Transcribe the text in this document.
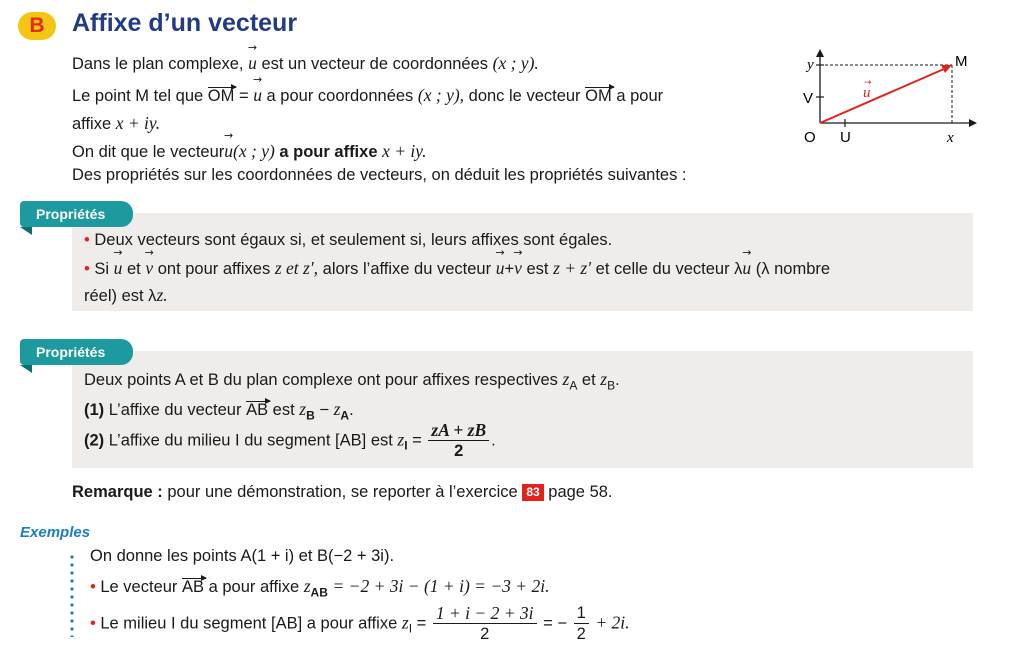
B	Affixe d’un vecteur
Dans le plan complexe, → u est un vecteur de coordonnées (x ; y).
Le point M tel que OM = → u a pour coordonnées (x ; y), donc le vecteur OM a pour
affixe x + iy.
On dit que le vecteur→ u(x ; y) a pour affixe x + iy.
Des propriétés sur les coordonnées de vecteurs, on déduit les propriétés suivantes :
y
V
M
u
→
O U	x
Propriétés
• Deux vecteurs sont égaux si, et seulement si, leurs affixes sont égales.
• Si → u et → v ont pour affixes z et z′, alors l’affixe du vecteur → u+→ v est z + z′ et celle du vecteur λ→ u (λ nombre
réel) est λz.
Propriétés
Deux points A et B du plan complexe ont pour affixes respectives $z_A$ et $z_B$.
(1) L’affixe du vecteur AB est $z_B - z_A$.
(2) L’affixe du milieu I du segment [AB] est $z_I = \frac{zA + zB}{2}$ .
Remarque : pour une démonstration, se reporter à l’exercice 83 page 58.
Exemples
On donne les points A(1 + i) et B(−2 + 3i).
• Le vecteur AB a pour affixe $z_{AB} = -2 + 3i - (1 + i) = -3 + 2i$.
• Le milieu I du segment [AB] a pour affixe $z_I = \frac{1 + i - 2 + 3i}{2}$ = − $\frac{1}{2} + 2i$.
